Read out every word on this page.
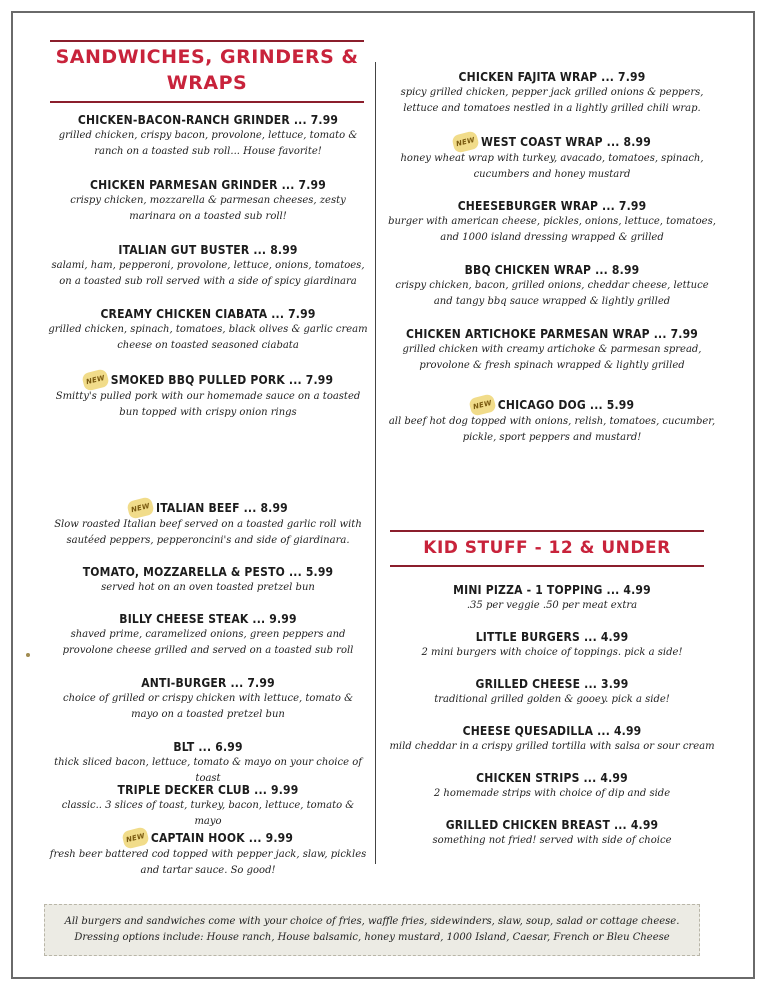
SANDWICHES, GRINDERS & WRAPS
CHICKEN-BACON-RANCH GRINDER ... 7.99
grilled chicken, crispy bacon, provolone, lettuce, tomato & ranch on a toasted sub roll... House favorite!
CHICKEN PARMESAN GRINDER ... 7.99
crispy chicken, mozzarella & parmesan cheeses, zesty marinara on a toasted sub roll!
ITALIAN GUT BUSTER ... 8.99
salami, ham, pepperoni, provolone, lettuce, onions, tomatoes, on a toasted sub roll served with a side of spicy giardinara
CREAMY CHICKEN CIABATA ... 7.99
grilled chicken, spinach, tomatoes, black olives & garlic cream cheese on toasted seasoned ciabata
NEW SMOKED BBQ PULLED PORK ... 7.99
Smitty's pulled pork with our homemade sauce on a toasted bun topped with crispy onion rings
NEW ITALIAN BEEF ... 8.99
Slow roasted Italian beef served on a toasted garlic roll with sautéed peppers, pepperoncini's and side of giardinara.
TOMATO, MOZZARELLA & PESTO ... 5.99
served hot on an oven toasted pretzel bun
BILLY CHEESE STEAK ... 9.99
shaved prime, caramelized onions, green peppers and provolone cheese grilled and served on a toasted sub roll
ANTI-BURGER ... 7.99
choice of grilled or crispy chicken with lettuce, tomato & mayo on a toasted pretzel bun
BLT ... 6.99
thick sliced bacon, lettuce, tomato & mayo on your choice of toast
TRIPLE DECKER CLUB ... 9.99
classic.. 3 slices of toast, turkey, bacon, lettuce, tomato & mayo
NEW CAPTAIN HOOK ... 9.99
fresh beer battered cod topped with pepper jack, slaw, pickles and tartar sauce. So good!
CHICKEN FAJITA WRAP ... 7.99
spicy grilled chicken, pepper jack grilled onions & peppers, lettuce and tomatoes nestled in a lightly grilled chili wrap.
NEW WEST COAST WRAP ... 8.99
honey wheat wrap with turkey, avacado, tomatoes, spinach, cucumbers and honey mustard
CHEESEBURGER WRAP ... 7.99
burger with american cheese, pickles, onions, lettuce, tomatoes, and 1000 island dressing wrapped & grilled
BBQ CHICKEN WRAP ... 8.99
crispy chicken, bacon, grilled onions, cheddar cheese, lettuce and tangy bbq sauce wrapped & lightly grilled
CHICKEN ARTICHOKE PARMESAN WRAP ... 7.99
grilled chicken with creamy artichoke & parmesan spread, provolone & fresh spinach wrapped & lightly grilled
NEW CHICAGO DOG ... 5.99
all beef hot dog topped with onions, relish, tomatoes, cucumber, pickle, sport peppers and mustard!
KID STUFF - 12 & UNDER
MINI PIZZA - 1 TOPPING ... 4.99
.35 per veggie .50 per meat extra
LITTLE BURGERS ... 4.99
2 mini burgers with choice of toppings. pick a side!
GRILLED CHEESE ... 3.99
traditional grilled golden & gooey. pick a side!
CHEESE QUESADILLA ... 4.99
mild cheddar in a crispy grilled tortilla with salsa or sour cream
CHICKEN STRIPS ... 4.99
2 homemade strips with choice of dip and side
GRILLED CHICKEN BREAST ... 4.99
something not fried! served with side of choice
All burgers and sandwiches come with your choice of fries, waffle fries, sidewinders, slaw, soup, salad or cottage cheese. Dressing options include: House ranch, House balsamic, honey mustard, 1000 Island, Caesar, French or Bleu Cheese
